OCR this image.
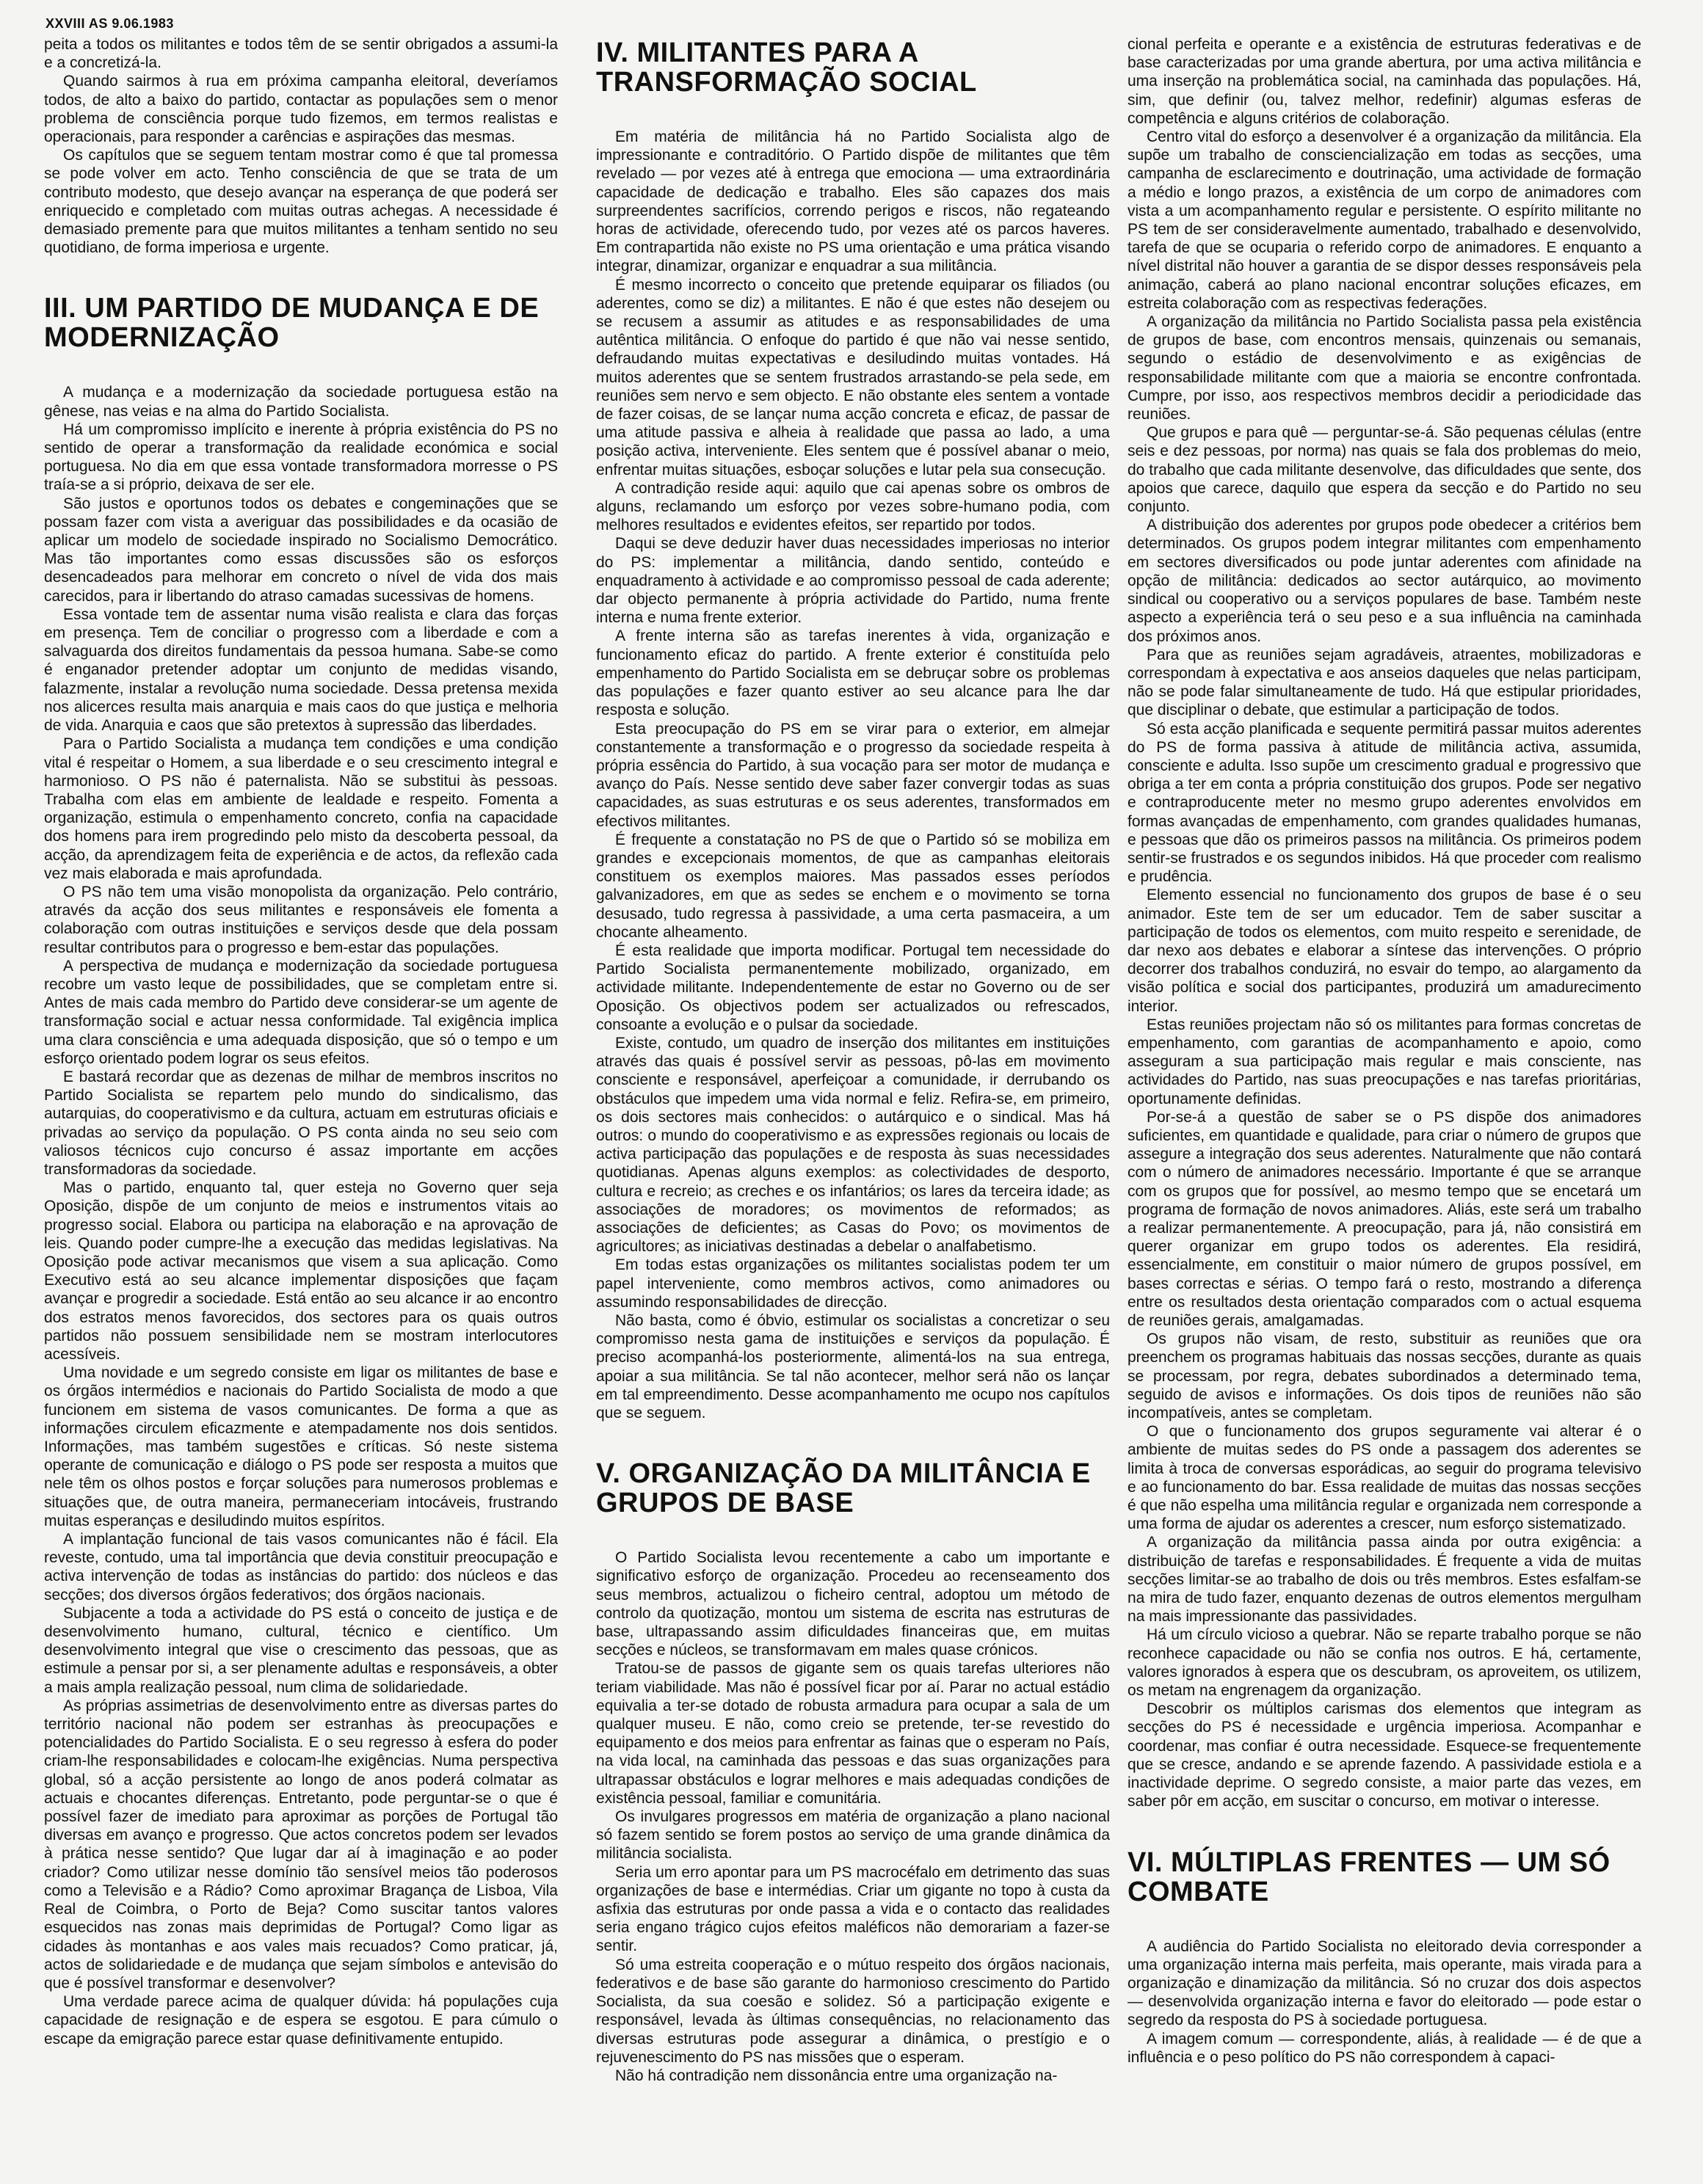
XXVIII AS 9.06.1983

peita a todos os militantes e todos têm de se sentir obrigados a assumi-la e a concretizá-la.

Quando sairmos à rua em próxima campanha eleitoral, deveríamos todos, de alto a baixo do partido, contactar as populações sem o menor problema de consciência porque tudo fizemos, em termos realistas e operacionais, para responder a carências e aspirações das mesmas.

Os capítulos que se seguem tentam mostrar como é que tal promessa se pode volver em acto. Tenho consciência de que se trata de um contributo modesto, que desejo avançar na esperança de que poderá ser enriquecido e completado com muitas outras achegas. A necessidade é demasiado premente para que muitos militantes a tenham sentido no seu quotidiano, de forma imperiosa e urgente.

III. UM PARTIDO DE MUDANÇA E DE MODERNIZAÇÃO

A mudança e a modernização da sociedade portuguesa estão na gênese, nas veias e na alma do Partido Socialista.

Há um compromisso implícito e inerente à própria existência do PS no sentido de operar a transformação da realidade económica e social portuguesa. No dia em que essa vontade transformadora morresse o PS traía-se a si próprio, deixava de ser ele.

São justos e oportunos todos os debates e congeminações que se possam fazer com vista a averiguar das possibilidades e da ocasião de aplicar um modelo de sociedade inspirado no Socialismo Democrático. Mas tão importantes como essas discussões são os esforços desencadeados para melhorar em concreto o nível de vida dos mais carecidos, para ir libertando do atraso camadas sucessivas de homens.

Essa vontade tem de assentar numa visão realista e clara das forças em presença. Tem de conciliar o progresso com a liberdade e com a salvaguarda dos direitos fundamentais da pessoa humana. Sabe-se como é enganador pretender adoptar um conjunto de medidas visando, falazmente, instalar a revolução numa sociedade. Dessa pretensa mexida nos alicerces resulta mais anarquia e mais caos do que justiça e melhoria de vida. Anarquia e caos que são pretextos à supressão das liberdades.

Para o Partido Socialista a mudança tem condições e uma condição vital é respeitar o Homem, a sua liberdade e o seu crescimento integral e harmonioso. O PS não é paternalista. Não se substitui às pessoas. Trabalha com elas em ambiente de lealdade e respeito. Fomenta a organização, estimula o empenhamento concreto, confia na capacidade dos homens para irem progredindo pelo misto da descoberta pessoal, da acção, da aprendizagem feita de experiência e de actos, da reflexão cada vez mais elaborada e mais aprofundada.

O PS não tem uma visão monopolista da organização. Pelo contrário, através da acção dos seus militantes e responsáveis ele fomenta a colaboração com outras instituições e serviços desde que dela possam resultar contributos para o progresso e bem-estar das populações.

A perspectiva de mudança e modernização da sociedade portuguesa recobre um vasto leque de possibilidades, que se completam entre si. Antes de mais cada membro do Partido deve considerar-se um agente de transformação social e actuar nessa conformidade. Tal exigência implica uma clara consciência e uma adequada disposição, que só o tempo e um esforço orientado podem lograr os seus efeitos.

E bastará recordar que as dezenas de milhar de membros inscritos no Partido Socialista se repartem pelo mundo do sindicalismo, das autarquias, do cooperativismo e da cultura, actuam em estruturas oficiais e privadas ao serviço da população. O PS conta ainda no seu seio com valiosos técnicos cujo concurso é assaz importante em acções transformadoras da sociedade.

Mas o partido, enquanto tal, quer esteja no Governo quer seja Oposição, dispõe de um conjunto de meios e instrumentos vitais ao progresso social. Elabora ou participa na elaboração e na aprovação de leis. Quando poder cumpre-lhe a execução das medidas legislativas. Na Oposição pode activar mecanismos que visem a sua aplicação. Como Executivo está ao seu alcance implementar disposições que façam avançar e progredir a sociedade. Está então ao seu alcance ir ao encontro dos estratos menos favorecidos, dos sectores para os quais outros partidos não possuem sensibilidade nem se mostram interlocutores acessíveis.

Uma novidade e um segredo consiste em ligar os militantes de base e os órgãos intermédios e nacionais do Partido Socialista de modo a que funcionem em sistema de vasos comunicantes. De forma a que as informações circulem eficazmente e atempadamente nos dois sentidos. Informações, mas também sugestões e críticas. Só neste sistema operante de comunicação e diálogo o PS pode ser resposta a muitos que nele têm os olhos postos e forçar soluções para numerosos problemas e situações que, de outra maneira, permaneceriam intocáveis, frustrando muitas esperanças e desiludindo muitos espíritos.

A implantação funcional de tais vasos comunicantes não é fácil. Ela reveste, contudo, uma tal importância que devia constituir preocupação e activa intervenção de todas as instâncias do partido: dos núcleos e das secções; dos diversos órgãos federativos; dos órgãos nacionais.

Subjacente a toda a actividade do PS está o conceito de justiça e de desenvolvimento humano, cultural, técnico e científico. Um desenvolvimento integral que vise o crescimento das pessoas, que as estimule a pensar por si, a ser plenamente adultas e responsáveis, a obter a mais ampla realização pessoal, num clima de solidariedade.

As próprias assimetrias de desenvolvimento entre as diversas partes do território nacional não podem ser estranhas às preocupações e potencialidades do Partido Socialista. E o seu regresso à esfera do poder criam-lhe responsabilidades e colocam-lhe exigências. Numa perspectiva global, só a acção persistente ao longo de anos poderá colmatar as actuais e chocantes diferenças. Entretanto, pode perguntar-se o que é possível fazer de imediato para aproximar as porções de Portugal tão diversas em avanço e progresso. Que actos concretos podem ser levados à prática nesse sentido? Que lugar dar aí à imaginação e ao poder criador? Como utilizar nesse domínio tão sensível meios tão poderosos como a Televisão e a Rádio? Como aproximar Bragança de Lisboa, Vila Real de Coimbra, o Porto de Beja? Como suscitar tantos valores esquecidos nas zonas mais deprimidas de Portugal? Como ligar as cidades às montanhas e aos vales mais recuados? Como praticar, já, actos de solidariedade e de mudança que sejam símbolos e antevisão do que é possível transformar e desenvolver?

Uma verdade parece acima de qualquer dúvida: há populações cuja capacidade de resignação e de espera se esgotou. E para cúmulo o escape da emigração parece estar quase definitivamente entupido.

IV. MILITANTES PARA A TRANSFORMAÇÃO SOCIAL

Em matéria de militância há no Partido Socialista algo de impressionante e contraditório. O Partido dispõe de militantes que têm revelado — por vezes até à entrega que emociona — uma extraordinária capacidade de dedicação e trabalho. Eles são capazes dos mais surpreendentes sacrifícios, correndo perigos e riscos, não regateando horas de actividade, oferecendo tudo, por vezes até os parcos haveres. Em contrapartida não existe no PS uma orientação e uma prática visando integrar, dinamizar, organizar e enquadrar a sua militância.

É mesmo incorrecto o conceito que pretende equiparar os filiados (ou aderentes, como se diz) a militantes. E não é que estes não desejem ou se recusem a assumir as atitudes e as responsabilidades de uma autêntica militância. O enfoque do partido é que não vai nesse sentido, defraudando muitas expectativas e desiludindo muitas vontades. Há muitos aderentes que se sentem frustrados arrastando-se pela sede, em reuniões sem nervo e sem objecto. E não obstante eles sentem a vontade de fazer coisas, de se lançar numa acção concreta e eficaz, de passar de uma atitude passiva e alheia à realidade que passa ao lado, a uma posição activa, interveniente. Eles sentem que é possível abanar o meio, enfrentar muitas situações, esboçar soluções e lutar pela sua consecução.

A contradição reside aqui: aquilo que cai apenas sobre os ombros de alguns, reclamando um esforço por vezes sobre-humano podia, com melhores resultados e evidentes efeitos, ser repartido por todos.

Daqui se deve deduzir haver duas necessidades imperiosas no interior do PS: implementar a militância, dando sentido, conteúdo e enquadramento à actividade e ao compromisso pessoal de cada aderente; dar objecto permanente à própria actividade do Partido, numa frente interna e numa frente exterior.

A frente interna são as tarefas inerentes à vida, organização e funcionamento eficaz do partido. A frente exterior é constituída pelo empenhamento do Partido Socialista em se debruçar sobre os problemas das populações e fazer quanto estiver ao seu alcance para lhe dar resposta e solução.

Esta preocupação do PS em se virar para o exterior, em almejar constantemente a transformação e o progresso da sociedade respeita à própria essência do Partido, à sua vocação para ser motor de mudança e avanço do País. Nesse sentido deve saber fazer convergir todas as suas capacidades, as suas estruturas e os seus aderentes, transformados em efectivos militantes.

É frequente a constatação no PS de que o Partido só se mobiliza em grandes e excepcionais momentos, de que as campanhas eleitorais constituem os exemplos maiores. Mas passados esses períodos galvanizadores, em que as sedes se enchem e o movimento se torna desusado, tudo regressa à passividade, a uma certa pasmaceira, a um chocante alheamento.

É esta realidade que importa modificar. Portugal tem necessidade do Partido Socialista permanentemente mobilizado, organizado, em actividade militante. Independentemente de estar no Governo ou de ser Oposição. Os objectivos podem ser actualizados ou refrescados, consoante a evolução e o pulsar da sociedade.

Existe, contudo, um quadro de inserção dos militantes em instituições através das quais é possível servir as pessoas, pô-las em movimento consciente e responsável, aperfeiçoar a comunidade, ir derrubando os obstáculos que impedem uma vida normal e feliz. Refira-se, em primeiro, os dois sectores mais conhecidos: o autárquico e o sindical. Mas há outros: o mundo do cooperativismo e as expressões regionais ou locais de activa participação das populações e de resposta às suas necessidades quotidianas. Apenas alguns exemplos: as colectividades de desporto, cultura e recreio; as creches e os infantários; os lares da terceira idade; as associações de moradores; os movimentos de reformados; as associações de deficientes; as Casas do Povo; os movimentos de agricultores; as iniciativas destinadas a debelar o analfabetismo.

Em todas estas organizações os militantes socialistas podem ter um papel interveniente, como membros activos, como animadores ou assumindo responsabilidades de direcção.

Não basta, como é óbvio, estimular os socialistas a concretizar o seu compromisso nesta gama de instituições e serviços da população. É preciso acompanhá-los posteriormente, alimentá-los na sua entrega, apoiar a sua militância. Se tal não acontecer, melhor será não os lançar em tal empreendimento. Desse acompanhamento me ocupo nos capítulos que se seguem.

V. ORGANIZAÇÃO DA MILITÂNCIA E GRUPOS DE BASE

O Partido Socialista levou recentemente a cabo um importante e significativo esforço de organização. Procedeu ao recenseamento dos seus membros, actualizou o ficheiro central, adoptou um método de controlo da quotização, montou um sistema de escrita nas estruturas de base, ultrapassando assim dificuldades financeiras que, em muitas secções e núcleos, se transformavam em males quase crónicos.

Tratou-se de passos de gigante sem os quais tarefas ulteriores não teriam viabilidade. Mas não é possível ficar por aí. Parar no actual estádio equivalia a ter-se dotado de robusta armadura para ocupar a sala de um qualquer museu. E não, como creio se pretende, ter-se revestido do equipamento e dos meios para enfrentar as fainas que o esperam no País, na vida local, na caminhada das pessoas e das suas organizações para ultrapassar obstáculos e lograr melhores e mais adequadas condições de existência pessoal, familiar e comunitária.

Os invulgares progressos em matéria de organização a plano nacional só fazem sentido se forem postos ao serviço de uma grande dinâmica da militância socialista.

Seria um erro apontar para um PS macrocéfalo em detrimento das suas organizações de base e intermédias. Criar um gigante no topo à custa da asfixia das estruturas por onde passa a vida e o contacto das realidades seria engano trágico cujos efeitos maléficos não demorariam a fazer-se sentir.

Só uma estreita cooperação e o mútuo respeito dos órgãos nacionais, federativos e de base são garante do harmonioso crescimento do Partido Socialista, da sua coesão e solidez. Só a participação exigente e responsável, levada às últimas consequências, no relacionamento das diversas estruturas pode assegurar a dinâmica, o prestígio e o rejuvenescimento do PS nas missões que o esperam.

Não há contradição nem dissonância entre uma organização na-

cional perfeita e operante e a existência de estruturas federativas e de base caracterizadas por uma grande abertura, por uma activa militância e uma inserção na problemática social, na caminhada das populações. Há, sim, que definir (ou, talvez melhor, redefinir) algumas esferas de competência e alguns critérios de colaboração.

Centro vital do esforço a desenvolver é a organização da militância. Ela supõe um trabalho de consciencialização em todas as secções, uma campanha de esclarecimento e doutrinação, uma actividade de formação a médio e longo prazos, a existência de um corpo de animadores com vista a um acompanhamento regular e persistente. O espírito militante no PS tem de ser consideravelmente aumentado, trabalhado e desenvolvido, tarefa de que se ocuparia o referido corpo de animadores. E enquanto a nível distrital não houver a garantia de se dispor desses responsáveis pela animação, caberá ao plano nacional encontrar soluções eficazes, em estreita colaboração com as respectivas federações.

A organização da militância no Partido Socialista passa pela existência de grupos de base, com encontros mensais, quinzenais ou semanais, segundo o estádio de desenvolvimento e as exigências de responsabilidade militante com que a maioria se encontre confrontada. Cumpre, por isso, aos respectivos membros decidir a periodicidade das reuniões.

Que grupos e para quê — perguntar-se-á. São pequenas células (entre seis e dez pessoas, por norma) nas quais se fala dos problemas do meio, do trabalho que cada militante desenvolve, das dificuldades que sente, dos apoios que carece, daquilo que espera da secção e do Partido no seu conjunto.

A distribuição dos aderentes por grupos pode obedecer a critérios bem determinados. Os grupos podem integrar militantes com empenhamento em sectores diversificados ou pode juntar aderentes com afinidade na opção de militância: dedicados ao sector autárquico, ao movimento sindical ou cooperativo ou a serviços populares de base. Também neste aspecto a experiência terá o seu peso e a sua influência na caminhada dos próximos anos.

Para que as reuniões sejam agradáveis, atraentes, mobilizadoras e correspondam à expectativa e aos anseios daqueles que nelas participam, não se pode falar simultaneamente de tudo. Há que estipular prioridades, que disciplinar o debate, que estimular a participação de todos.

Só esta acção planificada e sequente permitirá passar muitos aderentes do PS de forma passiva à atitude de militância activa, assumida, consciente e adulta. Isso supõe um crescimento gradual e progressivo que obriga a ter em conta a própria constituição dos grupos. Pode ser negativo e contraproducente meter no mesmo grupo aderentes envolvidos em formas avançadas de empenhamento, com grandes qualidades humanas, e pessoas que dão os primeiros passos na militância. Os primeiros podem sentir-se frustrados e os segundos inibidos. Há que proceder com realismo e prudência.

Elemento essencial no funcionamento dos grupos de base é o seu animador. Este tem de ser um educador. Tem de saber suscitar a participação de todos os elementos, com muito respeito e serenidade, de dar nexo aos debates e elaborar a síntese das intervenções. O próprio decorrer dos trabalhos conduzirá, no esvair do tempo, ao alargamento da visão política e social dos participantes, produzirá um amadurecimento interior.

Estas reuniões projectam não só os militantes para formas concretas de empenhamento, com garantias de acompanhamento e apoio, como asseguram a sua participação mais regular e mais consciente, nas actividades do Partido, nas suas preocupações e nas tarefas prioritárias, oportunamente definidas.

Por-se-á a questão de saber se o PS dispõe dos animadores suficientes, em quantidade e qualidade, para criar o número de grupos que assegure a integração dos seus aderentes. Naturalmente que não contará com o número de animadores necessário. Importante é que se arranque com os grupos que for possível, ao mesmo tempo que se encetará um programa de formação de novos animadores. Aliás, este será um trabalho a realizar permanentemente. A preocupação, para já, não consistirá em querer organizar em grupo todos os aderentes. Ela residirá, essencialmente, em constituir o maior número de grupos possível, em bases correctas e sérias. O tempo fará o resto, mostrando a diferença entre os resultados desta orientação comparados com o actual esquema de reuniões gerais, amalgamadas.

Os grupos não visam, de resto, substituir as reuniões que ora preenchem os programas habituais das nossas secções, durante as quais se processam, por regra, debates subordinados a determinado tema, seguido de avisos e informações. Os dois tipos de reuniões não são incompatíveis, antes se completam.

O que o funcionamento dos grupos seguramente vai alterar é o ambiente de muitas sedes do PS onde a passagem dos aderentes se limita à troca de conversas esporádicas, ao seguir do programa televisivo e ao funcionamento do bar. Essa realidade de muitas das nossas secções é que não espelha uma militância regular e organizada nem corresponde a uma forma de ajudar os aderentes a crescer, num esforço sistematizado.

A organização da militância passa ainda por outra exigência: a distribuição de tarefas e responsabilidades. É frequente a vida de muitas secções limitar-se ao trabalho de dois ou três membros. Estes esfalfam-se na mira de tudo fazer, enquanto dezenas de outros elementos mergulham na mais impressionante das passividades.

Há um círculo vicioso a quebrar. Não se reparte trabalho porque se não reconhece capacidade ou não se confia nos outros. E há, certamente, valores ignorados à espera que os descubram, os aproveitem, os utilizem, os metam na engrenagem da organização.

Descobrir os múltiplos carismas dos elementos que integram as secções do PS é necessidade e urgência imperiosa. Acompanhar e coordenar, mas confiar é outra necessidade. Esquece-se frequentemente que se cresce, andando e se aprende fazendo. A passividade estiola e a inactividade deprime. O segredo consiste, a maior parte das vezes, em saber pôr em acção, em suscitar o concurso, em motivar o interesse.

VI. MÚLTIPLAS FRENTES — UM SÓ COMBATE

A audiência do Partido Socialista no eleitorado devia corresponder a uma organização interna mais perfeita, mais operante, mais virada para a organização e dinamização da militância. Só no cruzar dos dois aspectos — desenvolvida organização interna e favor do eleitorado — pode estar o segredo da resposta do PS à sociedade portuguesa.

A imagem comum — correspondente, aliás, à realidade — é de que a influência e o peso político do PS não correspondem à capaci-
